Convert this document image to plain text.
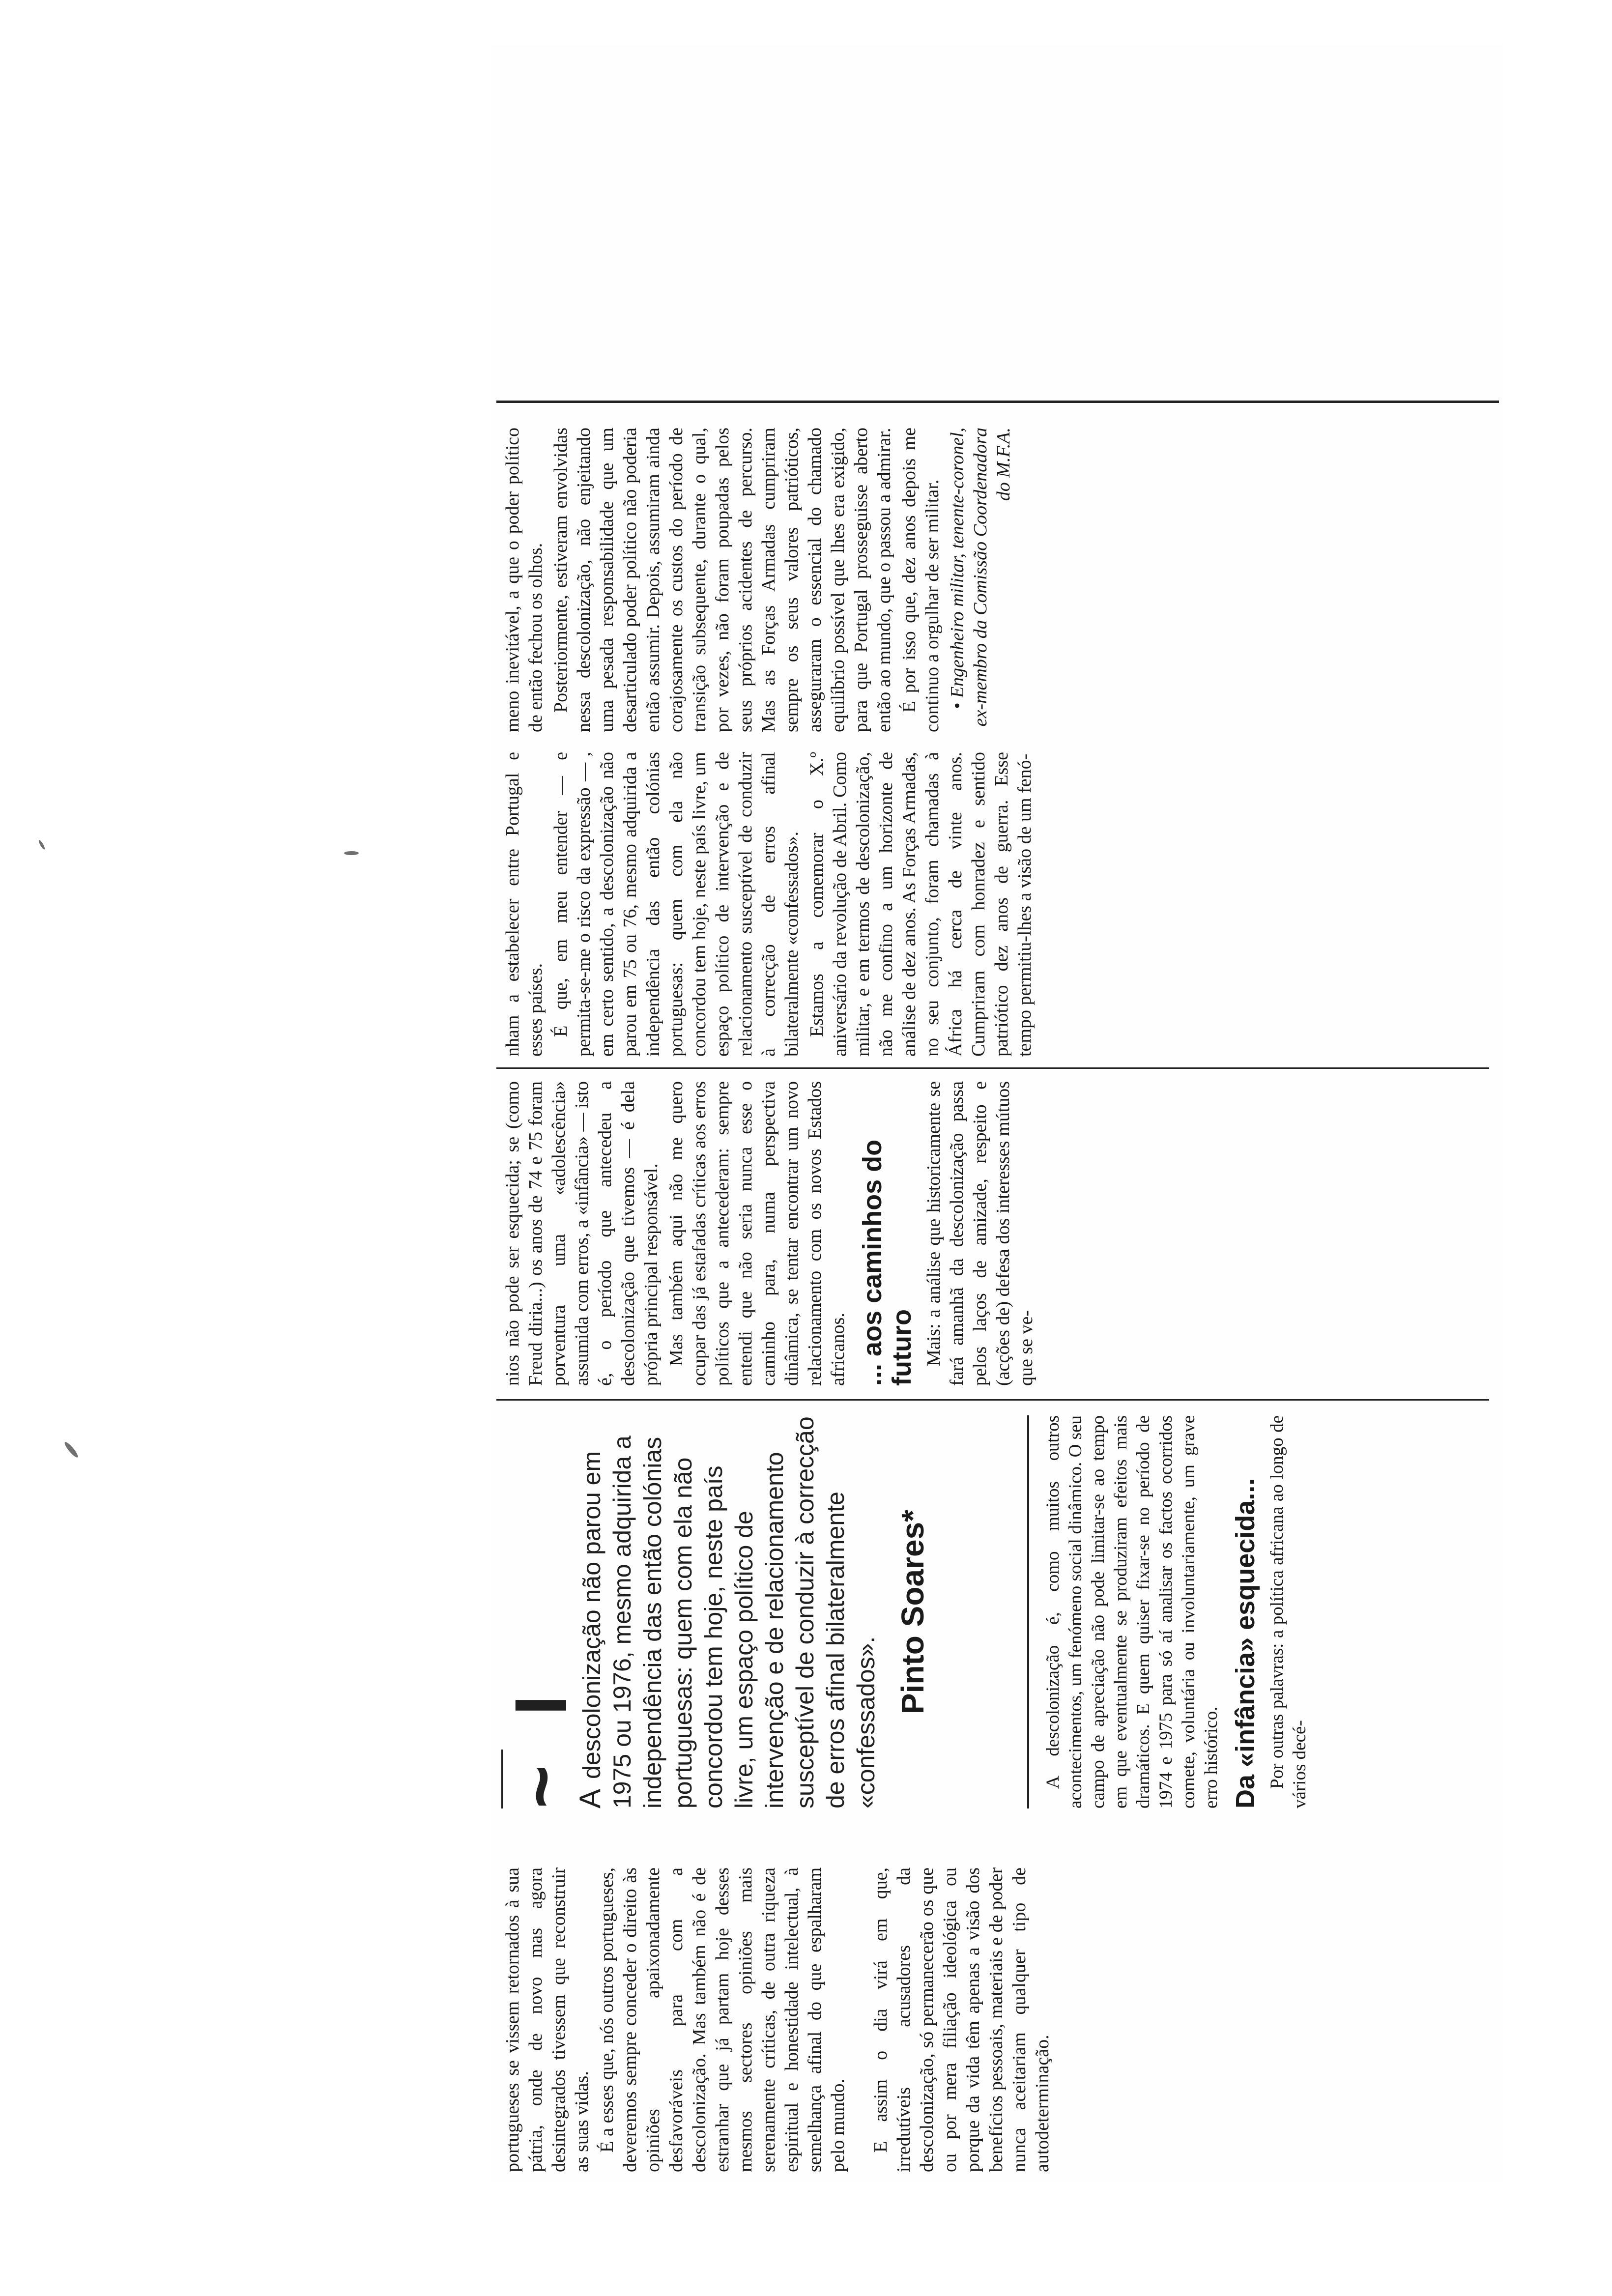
portugueses se vissem retornados à sua pátria, onde de novo mas agora desintegrados tivessem que reconstruir as suas vidas. É a esses que, nós outros portugueses, deveremos sempre conceder o direito às opiniões apaixonadamente desfavoráveis para com a descolonização. Mas também não é de estranhar que já partam hoje desses mesmos sectores opiniões mais serenamente críticas, de outra riqueza espiritual e honestidade intelectual, à semelhança afinal do que espalharam pelo mundo. E assim o dia virá em que, irredutíveis acusadores da descolonização, só permanecerão os que ou por mera filiação ideológica ou porque da vida têm apenas a visão dos benefícios pessoais, materiais e de poder nunca aceitariam qualquer tipo de autodeterminação.

~ I
Adescolonização não parou em 1975 ou 1976, mesmo adquirida a independência das então colónias portuguesas: quem com ela não concordou tem hoje, neste país livre, um espaço político de intervenção e de relacionamento susceptível de conduzir à correcção de erros afinal bilateralmente «confessados».
Pinto Soares*	A descolonização é, como muitos outros acontecimentos, um fenómeno social dinâmico. O seu campo de apreciação não pode limitar-se ao tempo em que eventualmente se produziram efeitos mais dramáticos. E quem quiser fixar-se no período de 1974 e 1975 para só aí analisar os factos ocorridos comete, voluntária ou involuntariamente, um grave erro histórico. Da «infância» esquecida... Por outras palavras: a política africana ao longo de vários decé-

nios não pode ser esquecida; se (como Freud diria...) os anos de 74 e 75 foram porventura uma «adolescência» assumida com erros, a «infância» — isto é, o período que antecedeu a descolonização que tivemos — é dela própria principal responsável. Mas também aqui não me quero ocupar das já estafadas críticas aos erros políticos que a antecederam: sempre entendi que não seria nunca esse o caminho para, numa perspectiva dinâmica, se tentar encontrar um novo relacionamento com os novos Estados africanos. ... aos caminhos do futuro Mais: a análise que historicamente se fará amanhã da descolonização passa pelos laços de amizade, respeito e (acções de) defesa dos interesses mútuos que se ve-

nham a estabelecer entre Portugal e esses países. É que, em meu entender — e permita-se-me o risco da expressão — , em certo sentido, a descolonização não parou em 75 ou 76, mesmo adquirida a independência das então colónias portuguesas: quem com ela não concordou tem hoje, neste país livre, um espaço político de intervenção e de relacionamento susceptível de conduzir à correcção de erros afinal bilateralmente «confessados». Estamos a comemorar o X.º aniversário da revolução de Abril. Como militar, e em termos de descolonização, não me confino a um horizonte de análise de dez anos. As Forças Armadas, no seu conjunto, foram chamadas à África há cerca de vinte anos. Cumpriram com honradez e sentido patriótico dez anos de guerra. Esse tempo permitiu-lhes a visão de um fenó-

meno inevitável, a que o poder político de então fechou os olhos. Posteriormente, estiveram envolvidas nessa descolonização, não enjeitando uma pesada responsabilidade que um desarticulado poder político não poderia então assumir. Depois, assumiram ainda corajosamente os custos do período de transição subsequente, durante o qual, por vezes, não foram poupadas pelos seus próprios acidentes de percurso. Mas as Forças Armadas cumpriram sempre os seus valores patrióticos, asseguraram o essencial do chamado equilíbrio possível que lhes era exigido, para que Portugal prosseguisse aberto então ao mundo, que o passou a admirar. É por isso que, dez anos depois me continuo a orgulhar de ser militar. • Engenheiro militar, tenente-coronel, ex-membro da Comissão Coordenadora do M.F.A.
